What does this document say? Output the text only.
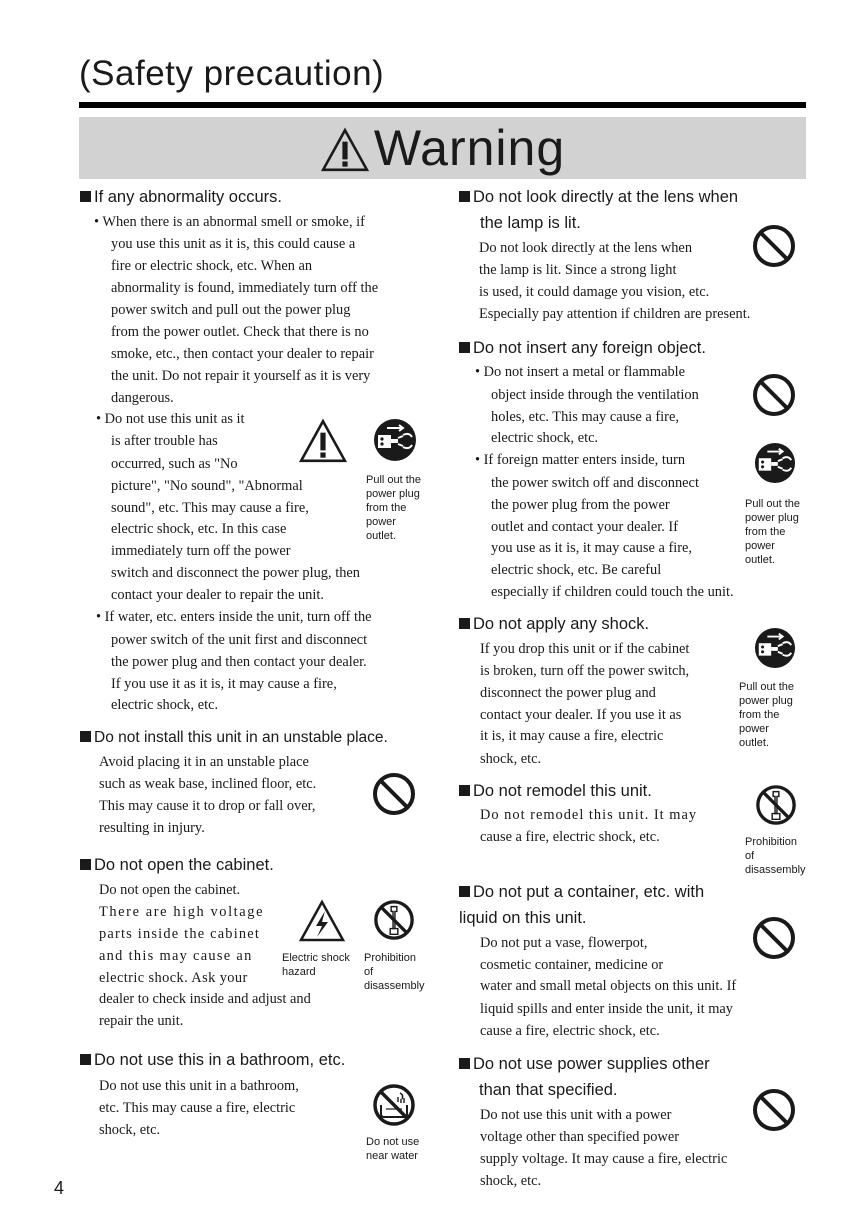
(Safety precaution)
Warning
If any abnormality occurs.
• When there is an abnormal smell or smoke, if
you use this unit as it is, this could cause a
fire or electric shock, etc. When an
abnormality is found, immediately turn off the
power switch and pull out the power plug
from the power outlet. Check that there is no
smoke, etc., then contact your dealer to repair
the unit. Do not repair it yourself as it is very
dangerous.
• Do not use this unit as it
is after trouble has
occurred, such as "No
picture", "No sound", "Abnormal
sound", etc. This may cause a fire,
electric shock, etc. In this case
immediately turn off the power
switch and disconnect the power plug, then
contact your dealer to repair the unit.
• If water, etc. enters inside the unit, turn off the
power switch of the unit first and disconnect
the power plug and then contact your dealer.
If you use it as it is, it may cause a fire,
electric shock, etc.
Pull out the
power plug
from the
power
outlet.
Do not install this unit in an unstable place.
Avoid placing it in an unstable place
such as weak base, inclined floor, etc.
This may cause it to drop or fall over,
resulting in injury.
Do not open the cabinet.
Do not open the cabinet.
There are high voltage
parts inside the cabinet
and this may cause an
electric shock. Ask your
dealer to check inside and adjust and
repair the unit.
Electric shock
hazard
Prohibition
of
disassembly
Do not use this in a bathroom, etc.
Do not use this unit in a bathroom,
etc. This may cause a fire, electric
shock, etc.
Do not use
near water
Do not look directly at the lens when
the lamp is lit.
Do not look directly at the lens when
the lamp is lit. Since a strong light
is used, it could damage you vision, etc.
Especially pay attention if children are present.
Do not insert any foreign object.
• Do not insert a metal or flammable
object inside through the ventilation
holes, etc. This may cause a fire,
electric shock, etc.
• If foreign matter enters inside, turn
the power switch off and disconnect
the power plug from the power
outlet and contact your dealer. If
you use as it is, it may cause a fire,
electric shock, etc. Be careful
especially if children could touch the unit.
Pull out the
power plug
from the
power
outlet.
Do not apply any shock.
If you drop this unit or if the cabinet
is broken, turn off the power switch,
disconnect the power plug and
contact your dealer. If you use it as
it is, it may cause a fire, electric
shock, etc.
Pull out the
power plug
from the
power
outlet.
Do not remodel this unit.
Do not remodel this unit. It may
cause a fire, electric shock, etc.	Prohibition
of
disassembly
Do not put a container, etc. with
liquid on this unit.
Do not put a vase, flowerpot,
cosmetic container, medicine or
water and small metal objects on this unit. If
liquid spills and enter inside the unit, it may
cause a fire, electric shock, etc.
Do not use power supplies other
than that specified.
Do not use this unit with a power
voltage other than specified power
supply voltage. It may cause a fire, electric
shock, etc.
4
